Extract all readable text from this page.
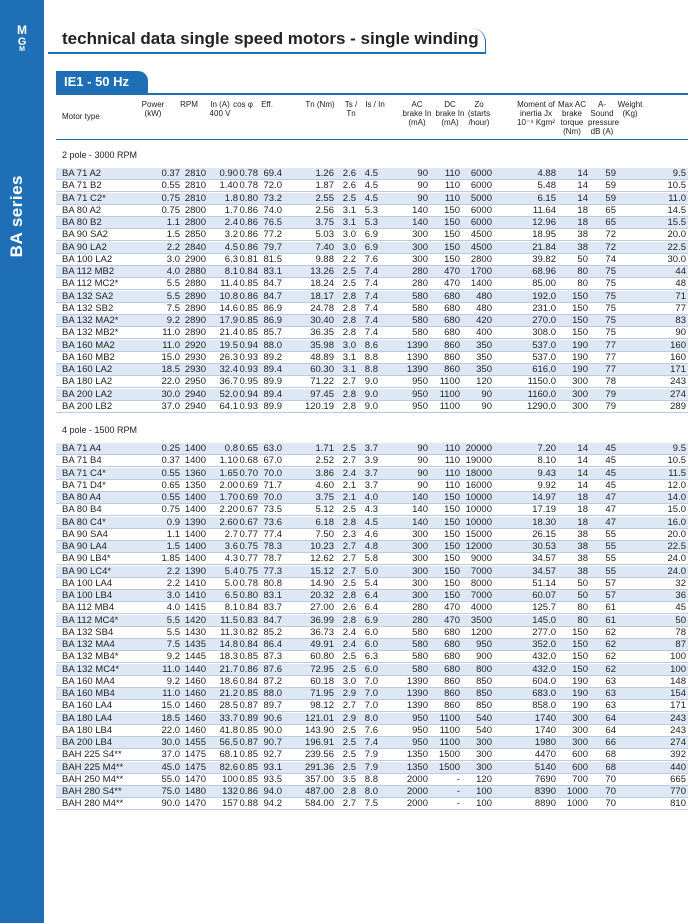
M
G
M
BA series
technical data single speed motors - single winding
IE1 - 50 Hz
Motor type
Power (kW)
RPM	In (A) 400 V
cos φ	Eff.	Tn (Nm)	Ts / Tn
Is / In	AC brake In (mA)
DC brake In (mA)
Zo (starts /hour)
Moment of inertia Jx 10⁻⁴ Kgm²
Max AC brake torque (Nm)
A-Sound pressure dB (A)
Weight (Kg)
2 pole - 3000 RPM
BA 71 A2	0.37 2810 0.90 0.78 69.4	1.26 2.6 4.5	90 110 6000	4.88 14 59	9.5
BA 71 B2	0.55 2810 1.40 0.78 72.0	1.87 2.6 4.5	90 110 6000	5.48 14 59	10.5
BA 71 C2*	0.75 2810 1.8 0.80 73.2	2.55 2.5 4.5	90 110 5000	6.15 14 59	11.0
BA 80 A2	0.75 2800 1.7 0.86 74.0	2.56 3.1 5.3	140 150 6000	11.64 18 65	14.5
BA 80 B2	1.1 2800 2.4 0.86 76.5	3.75 3.1 5.3	140 150 6000	12.96 18 65	15.5
BA 90 SA2	1.5 2850 3.2 0.86 77.2	5.03 3.0 6.9	300 150 4500	18.95 38 72	20.0
BA 90 LA2	2.2 2840 4.5 0.86 79.7	7.40 3.0 6.9	300 150 4500	21.84 38 72	22.5
BA 100 LA2	3.0 2900 6.3 0.81 81.5	9.88 2.2 7.6	300 150 2800	39.82 50 74	30.0
BA 112 MB2	4.0 2880 8.1 0.84 83.1	13.26 2.5 7.4	280 470 1700	68.96 80 75	44
BA 112 MC2*	5.5 2880 11.4 0.85 84.7	18.24 2.5 7.4	280 470 1400	85.00 80 75	48
BA 132 SA2	5.5 2890 10.8 0.86 84.7	18.17 2.8 7.4	580 680 480	192.0 150 75	71
BA 132 SB2	7.5 2890 14.6 0.85 86.9	24.78 2.8 7.4	580 680 480	231.0 150 75	77
BA 132 MA2*	9.2 2890 17.9 0.85 86.9	30.40 2.8 7.4	580 680 420	270.0 150 75	83
BA 132 MB2*	11.0 2890 21.4 0.85 85.7	36.35 2.8 7.4	580 680 400	308.0 150 75	90
BA 160 MA2	11.0 2920 19.5 0.94 88.0	35.98 3.0 8.6	1390 860 350	537.0 190 77	160
BA 160 MB2	15.0 2930 26.3 0.93 89.2	48.89 3.1 8.8	1390 860 350	537.0 190 77	160
BA 160 LA2	18.5 2930 32.4 0.93 89.4	60.30 3.1 8.8	1390 860 350	616.0 190 77	171
BA 180 LA2	22.0 2950 36.7 0.95 89.9	71.22 2.7 9.0	950 1100 120	1150.0 300 78	243
BA 200 LA2	30.0 2940 52.0 0.94 89.4	97.45 2.8 9.0	950 1100 90	1160.0 300 79	274
BA 200 LB2	37.0 2940 64.1 0.93 89.9 120.19 2.8 9.0	950 1100 90	1290.0 300 79	289
4 pole - 1500 RPM
BA 71 A4	0.25 1400 0.8 0.65 63.0	1.71 2.5 3.7	90 110 20000	7.20 14 45	9.5
BA 71 B4	0.37 1400 1.10 0.68 67.0	2.52 2.7 3.9	90 110 19000	8.10 14 45	10.5
BA 71 C4*	0.55 1360 1.65 0.70 70.0	3.86 2.4 3.7	90 110 18000	9.43 14 45	11.5
BA 71 D4*	0.65 1350 2.00 0.69 71.7	4.60 2.1 3.7	90 110 16000	9.92 14 45	12.0
BA 80 A4	0.55 1400 1.70 0.69 70.0	3.75 2.1 4.0	140 150 10000	14.97 18 47	14.0
BA 80 B4	0.75 1400 2.20 0.67 73.5	5.12 2.5 4.3	140 150 10000	17.19 18 47	15.0
BA 80 C4*	0.9 1390 2.60 0.67 73.6	6.18 2.8 4.5	140 150 10000	18.30 18 47	16.0
BA 90 SA4	1.1 1400 2.7 0.77 77.4	7.50 2.3 4.6	300 150 15000	26.15 38 55	20.0
BA 90 LA4	1.5 1400 3.6 0.75 78.3	10.23 2.7 4.8	300 150 12000	30.53 38 55	22.5
BA 90 LB4*	1.85 1400 4.3 0.77 78.7	12.62 2.7 5.8	300 150 9000	34.57 38 55	24.0
BA 90 LC4*	2.2 1390 5.4 0.75 77.3	15.12 2.7 5.0	300 150 7000	34.57 38 55	24.0
BA 100 LA4	2.2 1410 5.0 0.78 80.8	14.90 2.5 5.4	300 150 8000	51.14 50 57	32
BA 100 LB4	3.0 1410 6.5 0.80 83.1	20.32 2.8 6.4	300 150 7000	60.07 50 57	36
BA 112 MB4	4.0 1415 8.1 0.84 83.7	27.00 2.6 6.4	280 470 4000	125.7 80 61	45
BA 112 MC4*	5.5 1420 11.5 0.83 84.7	36.99 2.8 6.9	280 470 3500	145.0 80 61	50
BA 132 SB4	5.5 1430 11.3 0.82 85.2	36.73 2.4 6.0	580 680 1200	277.0 150 62	78
BA 132 MA4	7.5 1435 14.8 0.84 86.4	49.91 2.4 6.0	580 680 950	352.0 150 62	87
BA 132 MB4*	9.2 1445 18.3 0.85 87.3	60.80 2.5 6.3	580 680 900	432.0 150 62	100
BA 132 MC4*	11.0 1440 21.7 0.86 87.6	72.95 2.5 6.0	580 680 800	432.0 150 62	100
BA 160 MA4	9.2 1460 18.6 0.84 87.2	60.18 3.0 7.0	1390 860 850	604.0 190 63	148
BA 160 MB4	11.0 1460 21.2 0.85 88.0	71.95 2.9 7.0	1390 860 850	683.0 190 63	154
BA 160 LA4	15.0 1460 28.5 0.87 89.7	98.12 2.7 7.0	1390 860 850	858.0 190 63	171
BA 180 LA4	18.5 1460 33.7 0.89 90.6 121.01 2.9 8.0	950 1100 540	1740 300 64	243
BA 180 LB4	22.0 1460 41.8 0.85 90.0 143.90 2.5 7.6	950 1100 540	1740 300 64	243
BA 200 LB4	30.0 1455 56.5 0.87 90.7 196.91 2.5 7.4	950 1100 300	1980 300 66	274
BAH 225 S4**	37.0 1475 68.1 0.85 92.7 239.56 2.5 7.9	1350 1500 300	4470 600 68	392
BAH 225 M4**	45.0 1475 82.6 0.85 93.1 291.36 2.5 7.9	1350 1500 300	5140 600 68	440
BAH 250 M4**	55.0 1470 100 0.85 93.5 357.00 3.5 8.8	2000	- 120	7690 700 70	665
BAH 280 S4**	75.0 1480 132 0.86 94.0 487.00 2.8 8.0	2000	- 100	8390 1000 70	770
BAH 280 M4**	90.0 1470 157 0.88 94.2 584.00 2.7 7.5	2000	- 100	8890 1000 70	810
